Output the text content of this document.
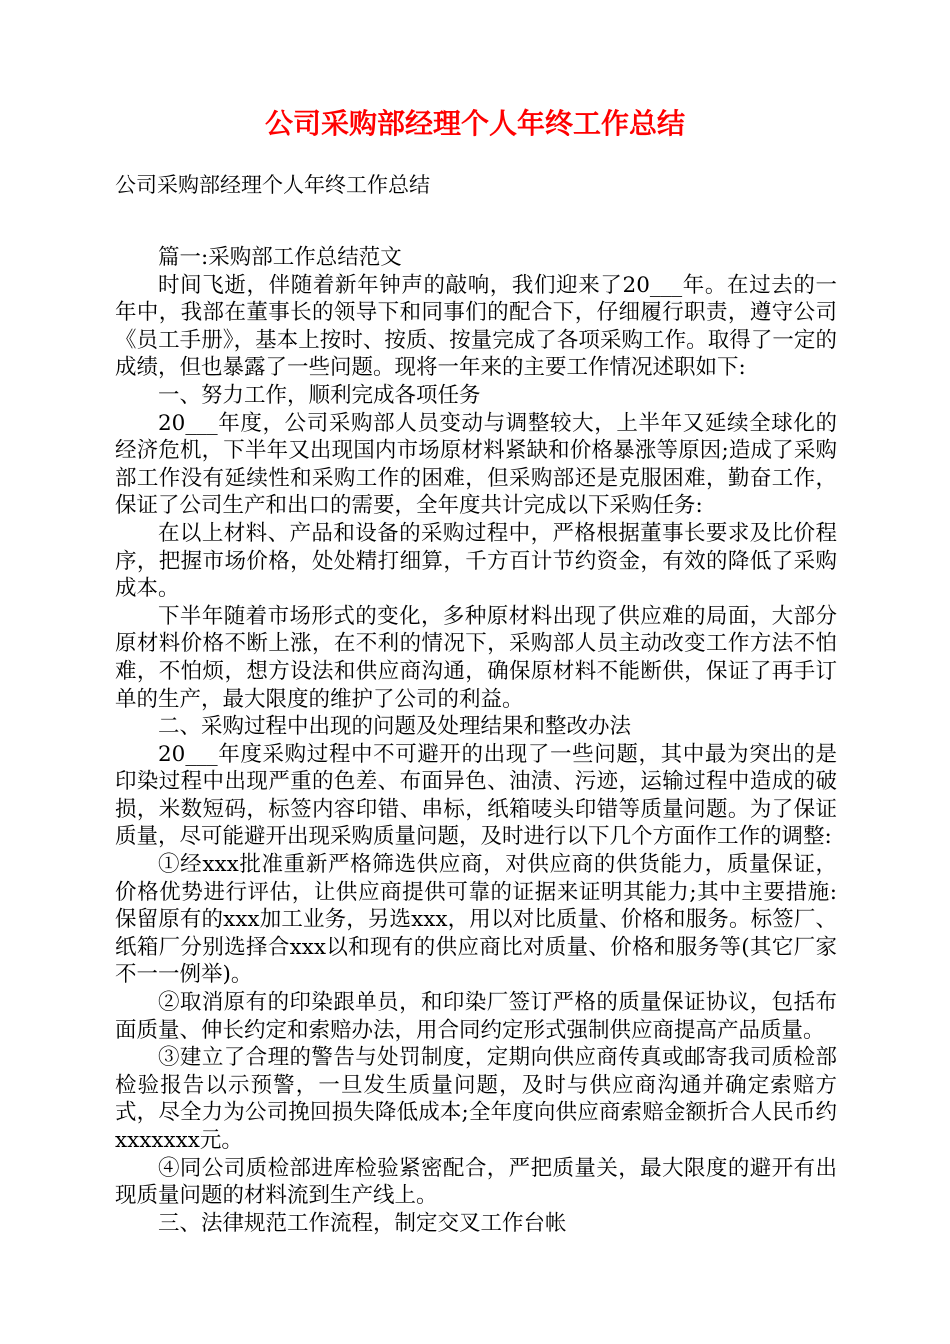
公司采购部经理个人年终工作总结
公司采购部经理个人年终工作总结

篇一:采购部工作总结范文

时间飞逝，伴随着新年钟声的敲响，我们迎来了20___年。在过去的一年中，我部在董事长的领导下和同事们的配合下，仔细履行职责，遵守公司《员工手册》，基本上按时、按质、按量完成了各项采购工作。取得了一定的成绩，但也暴露了一些问题。现将一年来的主要工作情况述职如下:

一、努力工作，顺利完成各项任务

20___年度，公司采购部人员变动与调整较大，上半年又延续全球化的经济危机，下半年又出现国内市场原材料紧缺和价格暴涨等原因;造成了采购部工作没有延续性和采购工作的困难，但采购部还是克服困难，勤奋工作，保证了公司生产和出口的需要，全年度共计完成以下采购任务:

在以上材料、产品和设备的采购过程中，严格根据董事长要求及比价程序，把握市场价格，处处精打细算，千方百计节约资金，有效的降低了采购成本。

下半年随着市场形式的变化，多种原材料出现了供应难的局面，大部分原材料价格不断上涨，在不利的情况下，采购部人员主动改变工作方法不怕难，不怕烦，想方设法和供应商沟通，确保原材料不能断供，保证了再手订单的生产，最大限度的维护了公司的利益。

二、采购过程中出现的问题及处理结果和整改办法

20___年度采购过程中不可避开的出现了一些问题，其中最为突出的是印染过程中出现严重的色差、布面异色、油渍、污迹，运输过程中造成的破损，米数短码，标签内容印错、串标，纸箱唛头印错等质量问题。为了保证质量，尽可能避开出现采购质量问题，及时进行以下几个方面作工作的调整:

①经xxx批准重新严格筛选供应商，对供应商的供货能力，质量保证，价格优势进行评估，让供应商提供可靠的证据来证明其能力;其中主要措施:保留原有的xxx加工业务，另选xxx，用以对比质量、价格和服务。标签厂、纸箱厂分别选择合xxx以和现有的供应商比对质量、价格和服务等(其它厂家不一一例举)。

②取消原有的印染跟单员，和印染厂签订严格的质量保证协议，包括布面质量、伸长约定和索赔办法，用合同约定形式强制供应商提高产品质量。

③建立了合理的警告与处罚制度，定期向供应商传真或邮寄我司质检部检验报告以示预警，一旦发生质量问题，及时与供应商沟通并确定索赔方式，尽全力为公司挽回损失降低成本;全年度向供应商索赔金额折合人民币约xxxxxxx元。

④同公司质检部进库检验紧密配合，严把质量关，最大限度的避开有出现质量问题的材料流到生产线上。

三、法律规范工作流程，制定交叉工作台帐
